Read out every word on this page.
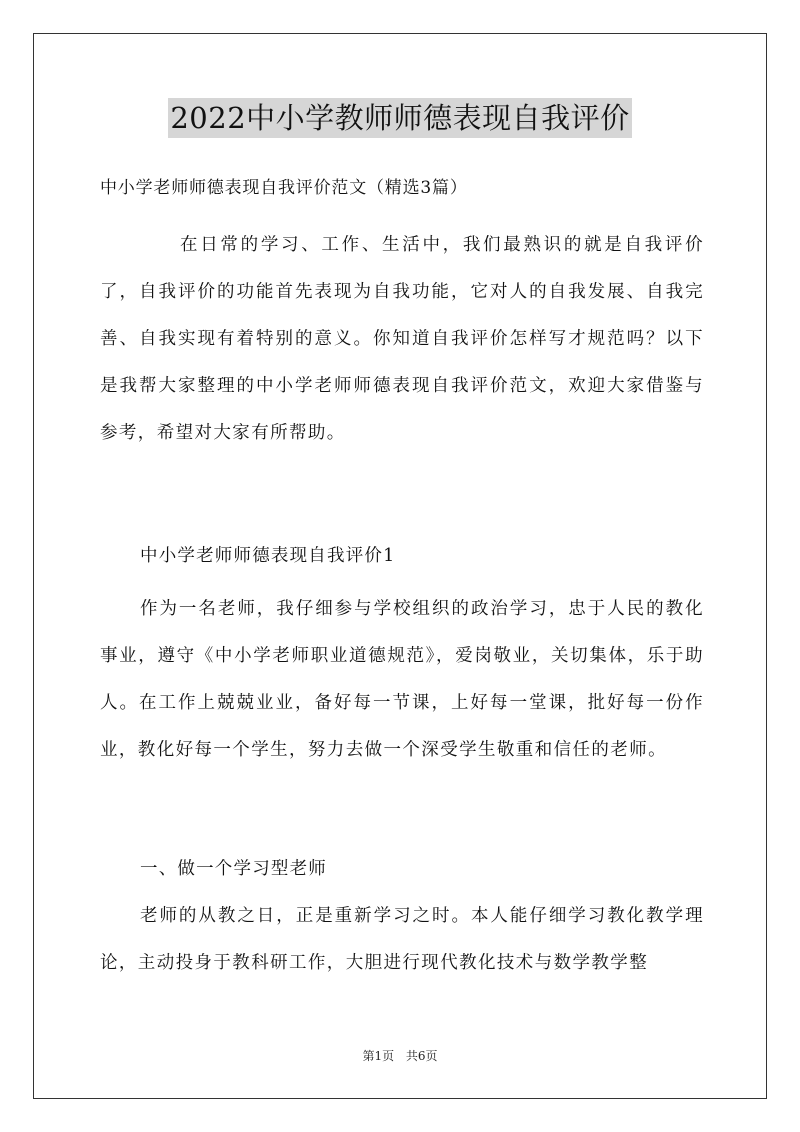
2022中小学教师师德表现自我评价
中小学老师师德表现自我评价范文（精选3篇）

在日常的学习、工作、生活中，我们最熟识的就是自我评价了，自我评价的功能首先表现为自我功能，它对人的自我发展、自我完善、自我实现有着特别的意义。你知道自我评价怎样写才规范吗？以下是我帮大家整理的中小学老师师德表现自我评价范文，欢迎大家借鉴与参考，希望对大家有所帮助。

中小学老师师德表现自我评价1

作为一名老师，我仔细参与学校组织的政治学习，忠于人民的教化事业，遵守《中小学老师职业道德规范》，爱岗敬业，关切集体，乐于助人。在工作上兢兢业业，备好每一节课，上好每一堂课，批好每一份作业，教化好每一个学生，努力去做一个深受学生敬重和信任的老师。

一、做一个学习型老师

老师的从教之日，正是重新学习之时。本人能仔细学习教化教学理论，主动投身于教科研工作，大胆进行现代教化技术与数学教学整

第1页 共6页
